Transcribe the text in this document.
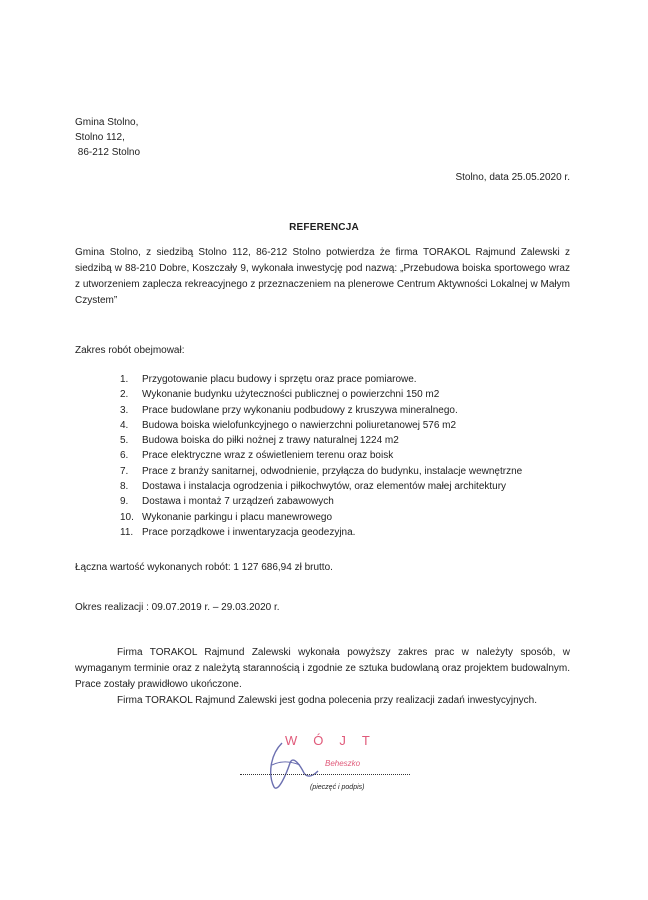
Gmina Stolno,
Stolno 112,
86-212 Stolno
Stolno, data 25.05.2020 r.
REFERENCJA
Gmina Stolno, z siedzibą Stolno 112, 86-212 Stolno potwierdza że firma TORAKOL Rajmund Zalewski z siedzibą w 88-210 Dobre, Koszczały 9, wykonała inwestycję pod nazwą: „Przebudowa boiska sportowego wraz z utworzeniem zaplecza rekreacyjnego z przeznaczeniem na plenerowe Centrum Aktywności Lokalnej w Małym Czystem”
Zakres robót obejmował:
1.	Przygotowanie placu budowy i sprzętu oraz prace pomiarowe.
2.	Wykonanie budynku użyteczności publicznej o powierzchni 150 m2
3.	Prace budowlane przy wykonaniu podbudowy z kruszywa mineralnego.
4.	Budowa boiska wielofunkcyjnego o nawierzchni poliuretanowej 576 m2
5.	Budowa boiska do piłki nożnej z trawy naturalnej 1224 m2
6.	Prace elektryczne wraz z oświetleniem terenu oraz boisk
7.	Prace z branży sanitarnej, odwodnienie, przyłącza do budynku, instalacje wewnętrzne
8.	Dostawa i instalacja ogrodzenia i piłkochwytów, oraz elementów małej architektury
9.	Dostawa i montaż 7 urządzeń zabawowych
10. Wykonanie parkingu i placu manewrowego
11. Prace porządkowe i inwentaryzacja geodezyjna.
Łączna wartość wykonanych robót: 1 127 686,94 zł brutto.
Okres realizacji : 09.07.2019 r. – 29.03.2020 r.

Firma TORAKOL Rajmund Zalewski wykonała powyższy zakres prac w należyty sposób, w wymaganym terminie oraz z należytą starannością i zgodnie ze sztuka budowlaną oraz projektem budowalnym. Prace zostały prawidłowo ukończone.

Firma TORAKOL Rajmund Zalewski jest godna polecenia przy realizacji zadań inwestycyjnych.

WÓJT
Beheszko
(pieczęć i podpis)
